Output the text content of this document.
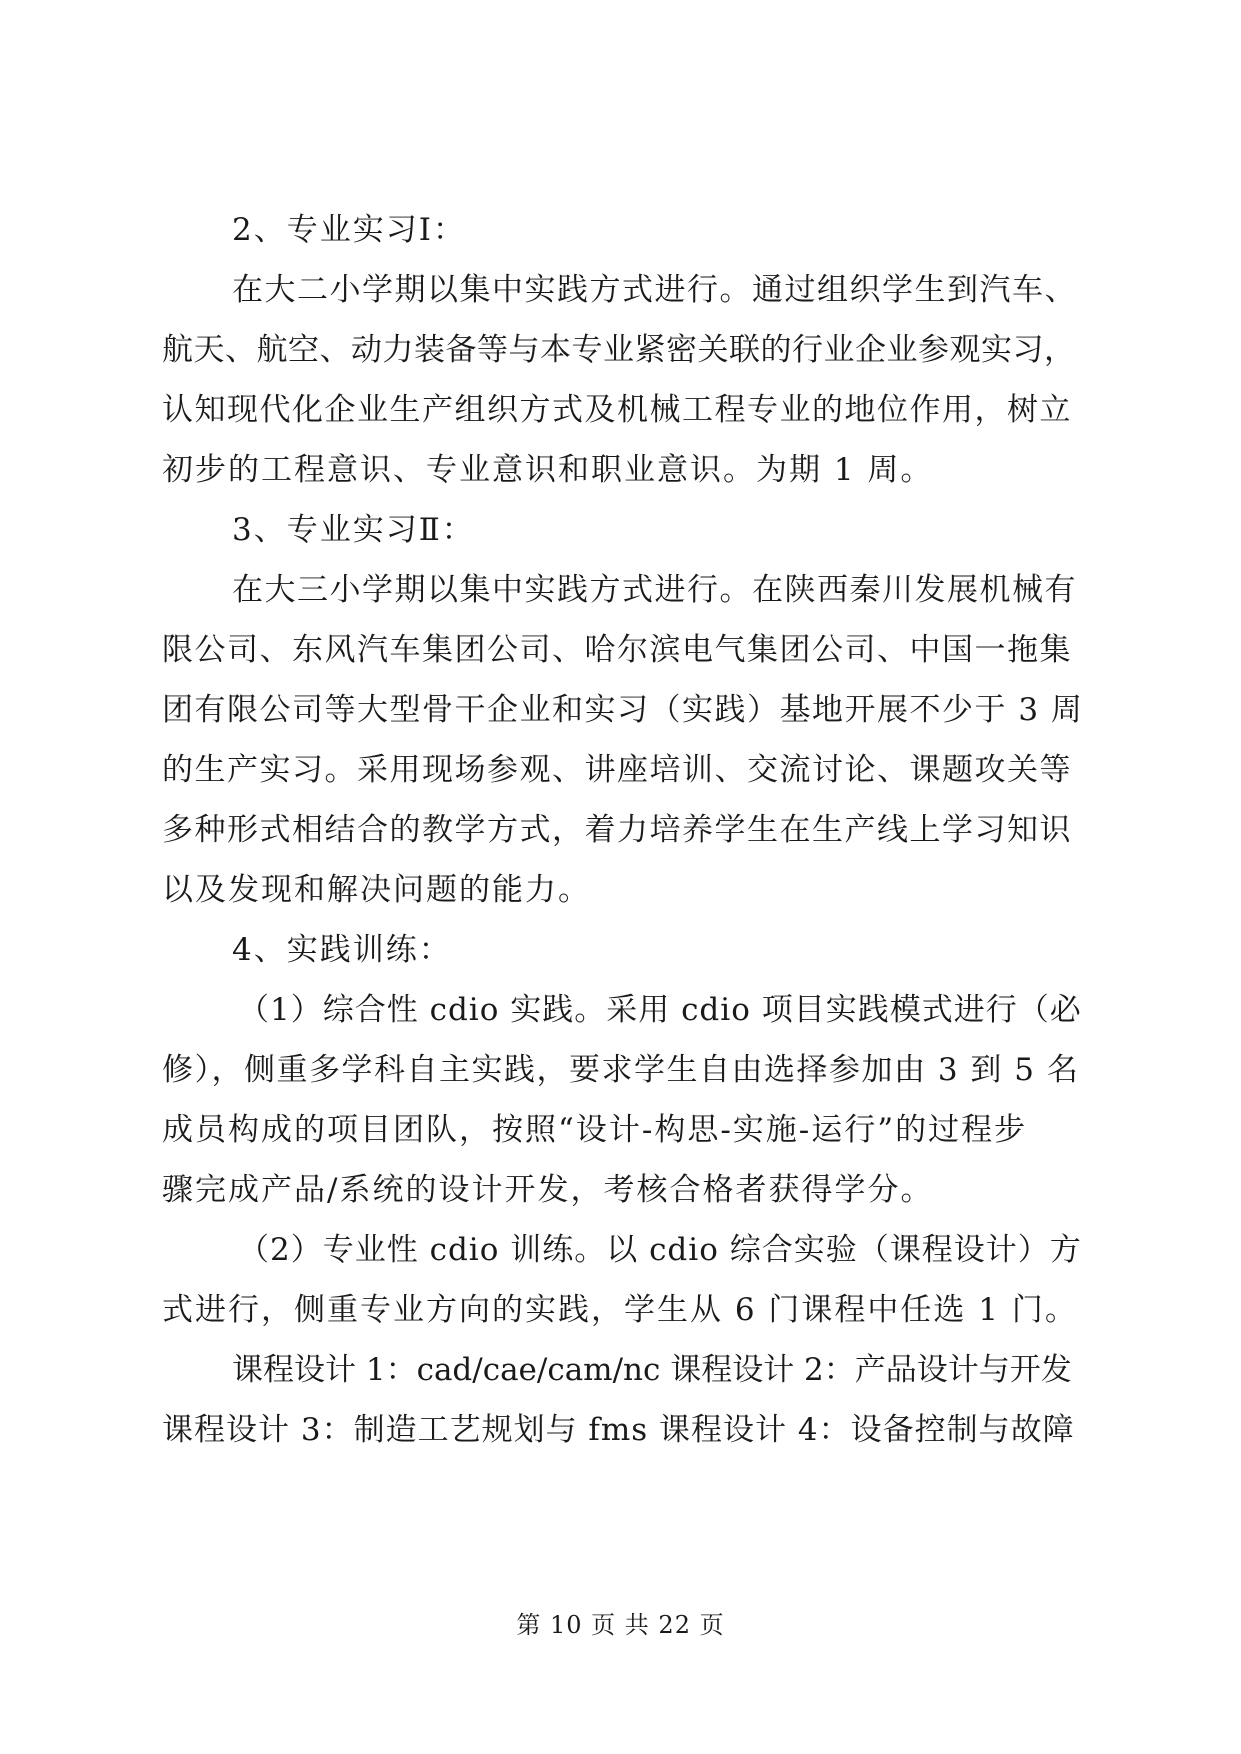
2、专业实习Ⅰ：
在大二小学期以集中实践方式进行。通过组织学生到汽车、
航天、航空、动力装备等与本专业紧密关联的行业企业参观实习，
认知现代化企业生产组织方式及机械工程专业的地位作用，树立
初步的工程意识、专业意识和职业意识。为期 1 周。
3、专业实习Ⅱ：
在大三小学期以集中实践方式进行。在陕西秦川发展机械有
限公司、东风汽车集团公司、哈尔滨电气集团公司、中国一拖集
团有限公司等大型骨干企业和实习（实践）基地开展不少于 3 周
的生产实习。采用现场参观、讲座培训、交流讨论、课题攻关等
多种形式相结合的教学方式，着力培养学生在生产线上学习知识
以及发现和解决问题的能力。
4、实践训练：
（1）综合性 cdio 实践。采用 cdio 项目实践模式进行（必
修），侧重多学科自主实践，要求学生自由选择参加由 3 到 5 名
成员构成的项目团队，按照“设计-构思-实施-运行”的过程步
骤完成产品/系统的设计开发，考核合格者获得学分。
（2）专业性 cdio 训练。以 cdio 综合实验（课程设计）方
式进行，侧重专业方向的实践，学生从 6 门课程中任选 1 门。
课程设计 1：cad/cae/cam/nc 课程设计 2：产品设计与开发
课程设计 3：制造工艺规划与 fms 课程设计 4：设备控制与故障
第 10 页 共 22 页
